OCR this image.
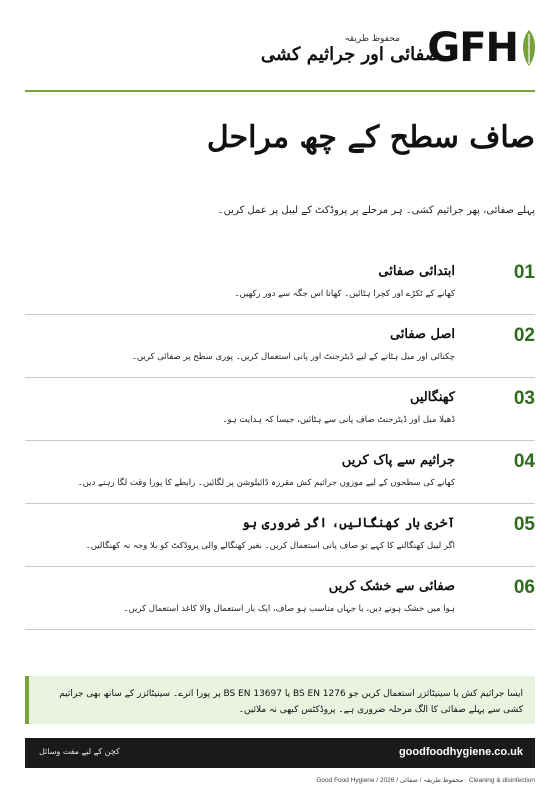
محفوظ طریقہ
صفائی اور جراثیم کشی
GFH
صاف سطح کے چھ مراحل
پہلے صفائی، پھر جراثیم کشی۔ ہر مرحلے پر پروڈکٹ کے لیبل پر عمل کریں۔
01
ابتدائی صفائی
کھانے کے ٹکڑے اور کچرا ہٹائیں۔ کھانا اس جگہ سے دور رکھیں۔
02
اصل صفائی
چکنائی اور میل ہٹانے کے لیے ڈیٹرجنٹ اور پانی استعمال کریں۔ پوری سطح پر صفائی کریں۔
03
کھنگالیں
ڈھیلا میل اور ڈیٹرجنٹ صاف پانی سے ہٹائیں، جیسا کہ ہدایت ہو۔
04
جراثیم سے پاک کریں
کھانے کی سطحوں کے لیے موزوں جراثیم کش مقررہ ڈائیلوشن پر لگائیں۔ رابطے کا پورا وقت لگا رہنے دیں۔
05
آخری بار کھنگالیں، اگر ضروری ہو
اگر لیبل کھنگالنے کا کہے تو صاف پانی استعمال کریں۔ بغیر کھنگالے والی پروڈکٹ کو بلا وجہ نہ کھنگالیں۔
06
صفائی سے خشک کریں
ہوا میں خشک ہونے دیں، یا جہاں مناسب ہو صاف، ایک بار استعمال والا کاغذ استعمال کریں۔
ایسا جراثیم کش یا سینیٹائزر استعمال کریں جو BS EN 1276 یا BS EN 13697 پر پورا اترے۔ سینیٹائزر کے ساتھ بھی جراثیم کشی سے پہلے صفائی کا الگ مرحلہ ضروری ہے۔ پروڈکٹس کبھی نہ ملائیں۔
کچن کے لیے مفت وسائل	goodfoodhygiene.co.uk
Good Food Hygiene / 2026 / محفوظ طریقہ / صفائی · Cleaning & disinfection
